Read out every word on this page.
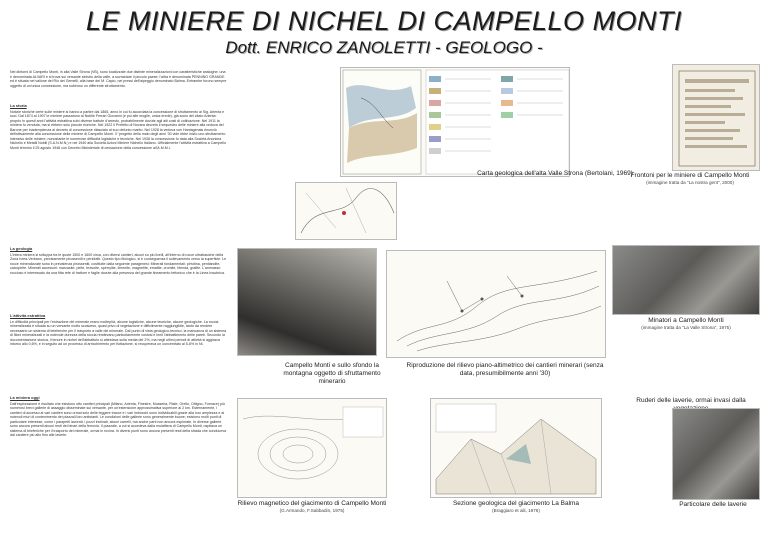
LE MINIERE DI NICHEL DI CAMPELLO MONTI
Dott. ENRICO ZANOLETTI - GEOLOGO -

Nei dintorni di Campello Monti, in alta Valle Strona (VB), sono localizzate due distinte mineralizzazioni con caratteristiche analoghe: una è denominata ALVARI e si trova sul versante sinistro della valle, a sovrastare il piccolo paese; l'altra è denominata PENNINO GRANDE ed è situata nel vallone del Rio dei Gemelli, alla base del M. Capio, nei pressi dell'alpeggio denominato Balma. Entrambe furono sempre oggetto di un'unica concessione, ma subirono un differente sfruttamento.

La storia

Notizie storiche certe sulle miniere si hanno a partire dal 1865, anno in cui fu accordata la concessione di sfruttamento ai Sig. Arienta e soci. Dal 1874 al 1907 le miniere passarono al Nobile Ferrari Giovanni (e poi alle moglie, unica erede), già socio del citato Arienta: proprio in questi anni l'attività estrattiva subì diverse battute d'arresto, probabilmente dovute agli alti costi di coltivazione. Nel 1911 la miniera fu venduta, ma si ebbero solo piccole ricerche. Nel 1922 il Prefetto di Novara decretò il sequestro delle miniere alla vedova del Barone per inadempienza al decreto di concessione rilasciato al suo defunto marito. Nel 1928 la vedova von Hantagenais rinunciò definitivamente alla concessione delle miniere di Campello Monti. Il "progetto della malo degli anni '30 vide ebbe inizio uno sfruttamento intensivo delle miniere, nonostante le numerose difficoltà logistiche e tecniche. Nel 1936 la concessione fu data alla Società Anonima Nichelio e Metalli Nobili (S.A.N.M.N.) e nel 1940 alla Società Azioni Miniere Nichelio Italiano. Ufficialmente l'attività estrattiva a Campello Monti terminò il 25 agosto 1948 con Decreto Ministeriale di cessazione della concessione all'A.M.M.I.

La geologia

L'intera miniera si sviluppa tra le quote 1500 e 1600 circa, con diversi cantieri, alcuni su più livelli, all'interno di rocce ultrabasiche della Zona Ivrea-Verbano, precisamente pirosseniti e peridotiti. Questo tipo litologico, si è conseguenza il sollevamento verso la superficie. Le rocce mineralizzate sono in prevalenza pirosseniti, costituite dalla seguente paragenesi: Minerali fondamentali: pirrotina, pentlandite, calcopirite. Minerali accessori: marcasite, pirite, bravoite, sperrylite, ilmenite, magnetite, ematite, cromite, blenda, grafite. L'ammasso roccioso è interessato da una fitta rete di fratture e faglie dovute alla presenza del grande lineamento tettonico che è la Linea Insubrica.

L'attività estrattiva

Le difficoltà principali per l'estrazione del minerale erano molteplici, alcune logistiche, alcune tecniche, alcune geologiche. La roccia mineralizzata è situata su un versante molto scosceso, quasi privo di vegetazione e difficilmente raggiungibile, tanto da rendere necessario un sistema di teleferiche per il trasporto a valle del minerale. Dal punto di vista geologico-tecnico, la mancanza di un sistema di filoni mineralizzati e la notevole durezza della roccia rendevano particolarmente costosi e lenti l'abbattimento delle pareti. Secondo la documentazione storica, il tenore in nichel dell'abbattuto si attestava sulla media del 2%, ma negli ultimi periodi di attività si aggirava intorno allo 0,6%, e in seguito ad un processo di arricchimento per flottazione, si recuperava un concentrato al 5-6% in Ni.

La miniera oggi

Dall'esplorazione è risultato che esistono otto cantieri principali (Milano, Arienta, Finestre, Musseria, Riale, Orello, Ottigno, Fornace) più numerosi brevi gallerie di assaggio disseminate sul versante, per un'estensione approssimativa superiore ai 2 km. Esternamente, i cantieri di accesso ai vari cantieri sono ormai solo delle leggere tracce e i vari imbocchi sono individuabili grazie alla loro ampiezza e ai notevoli muri di contenimento dei piazzali loro antistanti. Le condizioni delle gallerie sono generalmente buone; esistono molti punti di particolare interesse, come i parapetti lavorati, i pozzi inclinati, alcuni carrelli, ma anche parti non ancora esplorate. In diverse gallerie sono ancora presenti alcuni resti dei binari della ferrovia. Il piazzale, a cui si accedeva dalla mulattiera di Campello Monti, ospitava un sistema di teleferiche per il trasporto del minerale, ormai in rovina. In diversi punti sono ancora presenti resti della strada che conduceva dal cantiere più alto fino alle laverie.

Carta geologica dell'alta Valle Strona (Bertolani, 1969)
Frontoni per le miniere di Campello Monti
(immagine tratta da "La nostra gent", 2000)
Minatori a Campello Monti
(immagine tratta da "La Valle Strona", 1975)
Campello Monti e sullo sfondo la montagna oggetto di sfruttamento minerario
Riproduzione del rilievo piano-altimetrico dei cantieri minerari (senza data, presumibilmente anni '30)
Ruderi delle laverie, ormai invasi dalla
Rilievo magnetico del giacimento di Campello Monti
(G.Armando, F.Sabbadin, 1975)
Sezione geologica del giacimento La Balma
(Braggiaro et alii, 1976)
Particolare delle laverie
